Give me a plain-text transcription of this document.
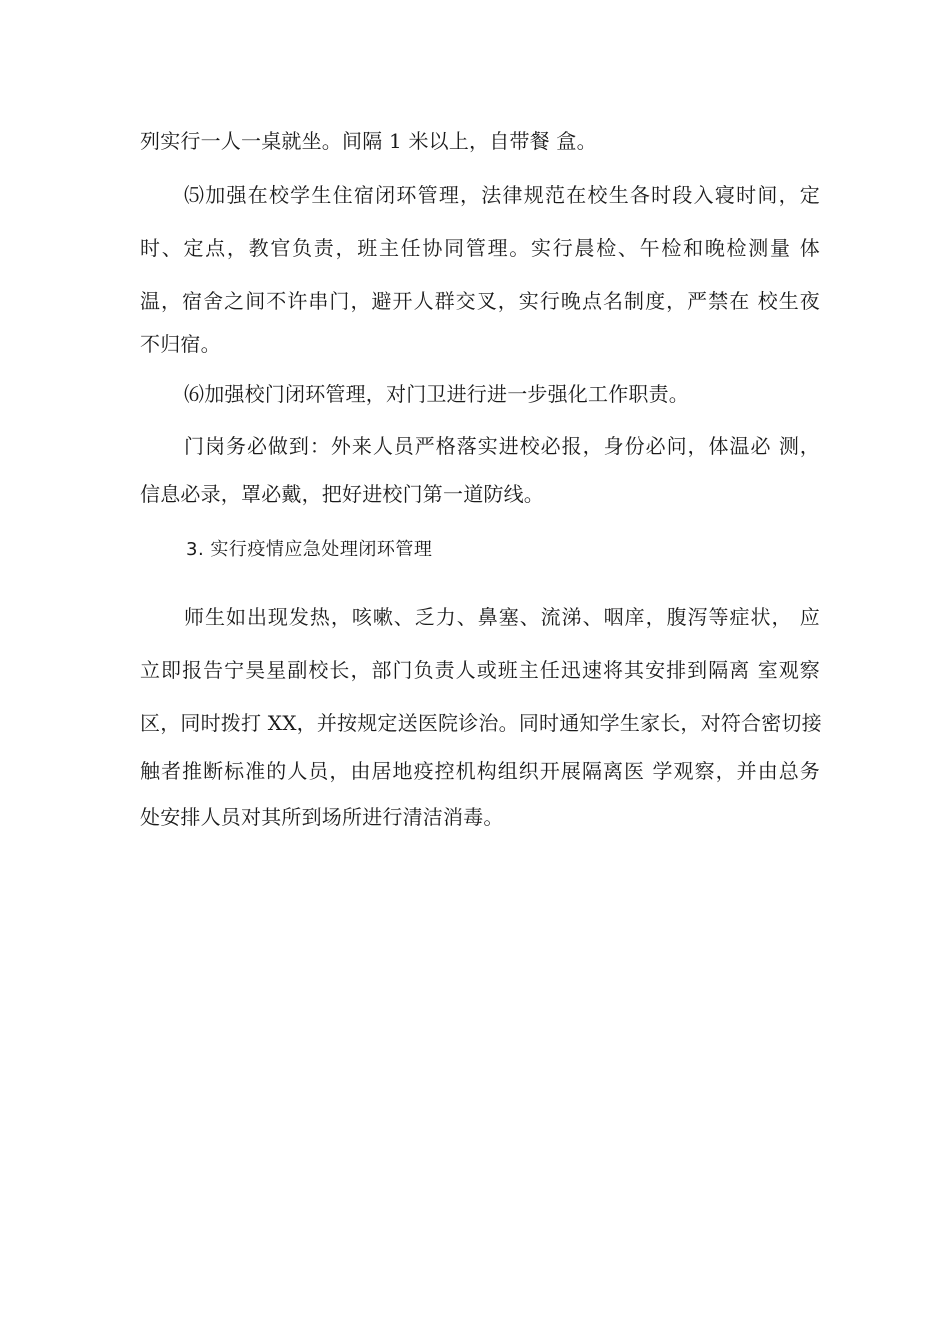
列实行一人一桌就坐。间隔 1 米以上，自带餐 盒。
⑸加强在校学生住宿闭环管理，法律规范在校生各时段入寝时间，定
时、定点，教官负责，班主任协同管理。实行晨检、午检和晚检测量 体
温，宿舍之间不许串门，避开人群交叉，实行晚点名制度，严禁在 校生夜
不归宿。
⑹加强校门闭环管理，对门卫进行进一步强化工作职责。
门岗务必做到：外来人员严格落实进校必报，身份必问，体温必 测，
信息必录，罩必戴，把好进校门第一道防线。
3. 实行疫情应急处理闭环管理
师生如出现发热，咳嗽、乏力、鼻塞、流涕、咽庠，腹泻等症状， 应
立即报告宁昊星副校长，部门负责人或班主任迅速将其安排到隔离 室观察
区，同时拨打 XX，并按规定送医院诊治。同时通知学生家长，对符合密切接
触者推断标准的人员，由居地疫控机构组织开展隔离医 学观察，并由总务
处安排人员对其所到场所进行清洁消毒。
